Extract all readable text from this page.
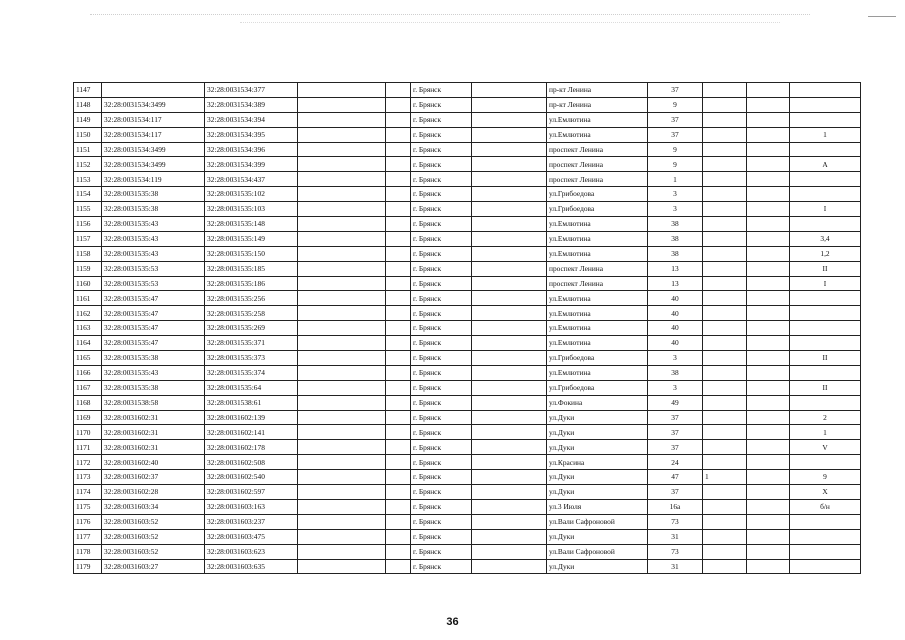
1147		32:28:0031534:377			г. Брянск		пр-кт Ленина	37			
1148	32:28:0031534:3499	32:28:0031534:389			г. Брянск		пр-кт Ленина	9			
1149	32:28:0031534:117	32:28:0031534:394			г. Брянск		ул.Емлютина	37			
1150	32:28:0031534:117	32:28:0031534:395			г. Брянск		ул.Емлютина	37			1
1151	32:28:0031534:3499	32:28:0031534:396			г. Брянск		проспект Ленина	9			
1152	32:28:0031534:3499	32:28:0031534:399			г. Брянск		проспект Ленина	9			А
1153	32:28:0031534:119	32:28:0031534:437			г. Брянск		проспект Ленина	1			
1154	32:28:0031535:38	32:28:0031535:102			г. Брянск		ул.Грибоедова	3			
1155	32:28:0031535:38	32:28:0031535:103			г. Брянск		ул.Грибоедова	3			I
1156	32:28:0031535:43	32:28:0031535:148			г. Брянск		ул.Емлютина	38			
1157	32:28:0031535:43	32:28:0031535:149			г. Брянск		ул.Емлютина	38			3,4
1158	32:28:0031535:43	32:28:0031535:150			г. Брянск		ул.Емлютина	38			1,2
1159	32:28:0031535:53	32:28:0031535:185			г. Брянск		проспект Ленина	13			II
1160	32:28:0031535:53	32:28:0031535:186			г. Брянск		проспект Ленина	13			I
1161	32:28:0031535:47	32:28:0031535:256			г. Брянск		ул.Емлютина	40			
1162	32:28:0031535:47	32:28:0031535:258			г. Брянск		ул.Емлютина	40			
1163	32:28:0031535:47	32:28:0031535:269			г. Брянск		ул.Емлютина	40			
1164	32:28:0031535:47	32:28:0031535:371			г. Брянск		ул.Емлютина	40			
1165	32:28:0031535:38	32:28:0031535:373			г. Брянск		ул.Грибоедова	3			II
1166	32:28:0031535:43	32:28:0031535:374			г. Брянск		ул.Емлютина	38			
1167	32:28:0031535:38	32:28:0031535:64			г. Брянск		ул.Грибоедова	3			II
1168	32:28:0031538:58	32:28:0031538:61			г. Брянск		ул.Фокина	49			
1169	32:28:0031602:31	32:28:0031602:139			г. Брянск		ул.Дуки	37			2
1170	32:28:0031602:31	32:28:0031602:141			г. Брянск		ул.Дуки	37			1
1171	32:28:0031602:31	32:28:0031602:178			г. Брянск		ул.Дуки	37			V
1172	32:28:0031602:40	32:28:0031602:508			г. Брянск		ул.Красина	24			
1173	32:28:0031602:37	32:28:0031602:540			г. Брянск		ул.Дуки	47	1		9
1174	32:28:0031602:28	32:28:0031602:597			г. Брянск		ул.Дуки	37			X
1175	32:28:0031603:34	32:28:0031603:163			г. Брянск		ул.3 Июля	16а			б/н
1176	32:28:0031603:52	32:28:0031603:237			г. Брянск		ул.Вали Сафроновой	73			
1177	32:28:0031603:52	32:28:0031603:475			г. Брянск		ул.Дуки	31			
1178	32:28:0031603:52	32:28:0031603:623			г. Брянск		ул.Вали Сафроновой	73			
1179	32:28:0031603:27	32:28:0031603:635			г. Брянск		ул.Дуки	31			
36
